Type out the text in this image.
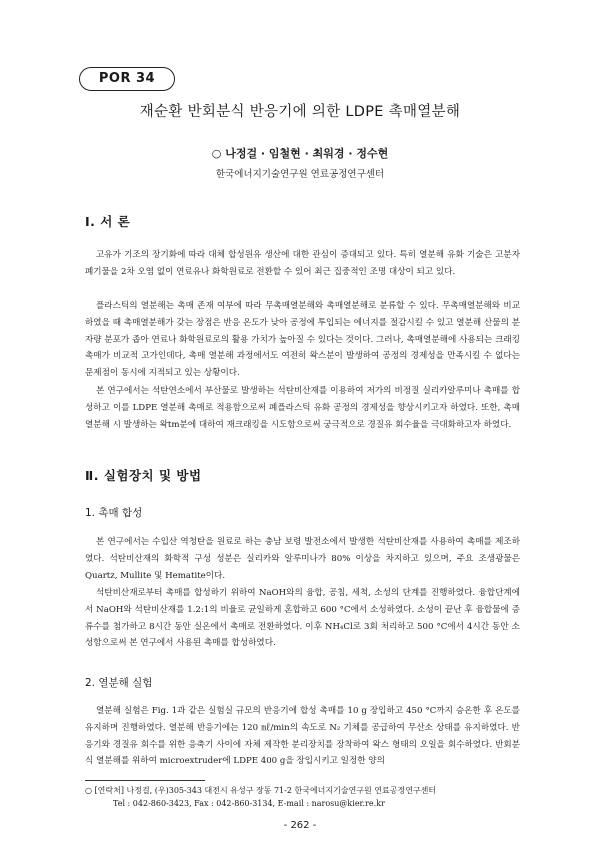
POR 34
재순환 반회분식 반응기에 의한 LDPE 촉매열분해
○ 나정걸 · 임철현 · 최워경 · 정수현
한국에너지기술연구원 연료공정연구센터
Ⅰ. 서 론

고유가 기조의 장기화에 따라 대체 합성원유 생산에 대한 관심이 증대되고 있다. 특히 열분해 유화 기술은 고분자 폐기물을 2차 오염 없이 연료유나 화학원료로 전환할 수 있어 최근 집중적인 조명 대상이 되고 있다.

플라스틱의 열분해는 촉매 존재 여부에 따라 무촉매열분해와 촉매열분해로 분류할 수 있다. 무촉매열분해와 비교하였을 때 촉매열분해가 갖는 장점은 반응 온도가 낮아 공정에 투입되는 에너지를 절감시킬 수 있고 열분해 산물의 분자량 분포가 좁아 연료나 화학원료로의 활용 가치가 높아질 수 있다는 것이다. 그러나, 촉매열분해에 사용되는 크래킹 촉매가 비교적 고가인데다, 촉매 열분해 과정에서도 여전히 왁스분이 발생하여 공정의 경제성을 만족시킬 수 없다는 문제점이 동시에 지적되고 있는 상황이다.

본 연구에서는 석탄연소에서 부산물로 발생하는 석탄비산재를 이용하여 저가의 비정질 실리카알루미나 촉매를 합성하고 이를 LDPE 열분해 촉매로 적용함으로써 폐플라스틱 유화 공정의 경제성을 향상시키고자 하였다. 또한, 촉매 열분해 시 발생하는 왁tm분에 대하여 재크래킹을 시도함으로써 궁극적으로 경질유 회수율을 극대화하고자 하였다.

Ⅱ. 실험장치 및 방법
1. 촉매 합성

본 연구에서는 수입산 역청탄을 원료로 하는 충남 보령 발전소에서 발생한 석탄비산재를 사용하여 촉매를 제조하였다. 석탄비산재의 화학적 구성 성분은 실리카와 알루미나가 80% 이상을 차지하고 있으며, 주요 조생광물은 Quartz, Mullite 및 Hematite이다.

석탄비산재로부터 촉매를 합성하기 위하여 NaOH와의 융합, 공침, 세척, 소성의 단계를 진행하였다. 융합단계에서 NaOH와 석탄비산재를 1.2:1의 비율로 균일하게 혼합하고 600 °C에서 소성하였다. 소성이 끝난 후 융합물에 증류수를 첨가하고 8시간 동안 실온에서 촉매로 전환하였다. 이후 NH₄Cl로 3회 처리하고 500 °C에서 4시간 동안 소성함으로써 본 연구에서 사용된 촉매를 합성하였다.

2. 열분해 실험

열분해 실험은 Fig. 1과 같은 실험실 규모의 반응기에 합성 촉매를 10 g 장입하고 450 °C까지 승온한 후 온도를 유지하며 진행하였다. 열분해 반응기에는 120 ㎖/min의 속도로 N₂ 기체를 공급하여 무산소 상태를 유지하였다. 반응기와 경질유 회수를 위한 응축기 사이에 자체 제작한 분리장치를 장착하여 왁스 형태의 오일을 회수하였다. 반회분식 열분해를 위하여 microextruder에 LDPE 400 g을 장입시키고 일정한 양의

○ [연락처] 나정걸, (우)305-343 대전시 유성구 장동 71-2 한국에너지기술연구원 연료공정연구센터
Tel : 042-860-3423, Fax : 042-860-3134, E-mail : narosu@kier.re.kr
- 262 -
